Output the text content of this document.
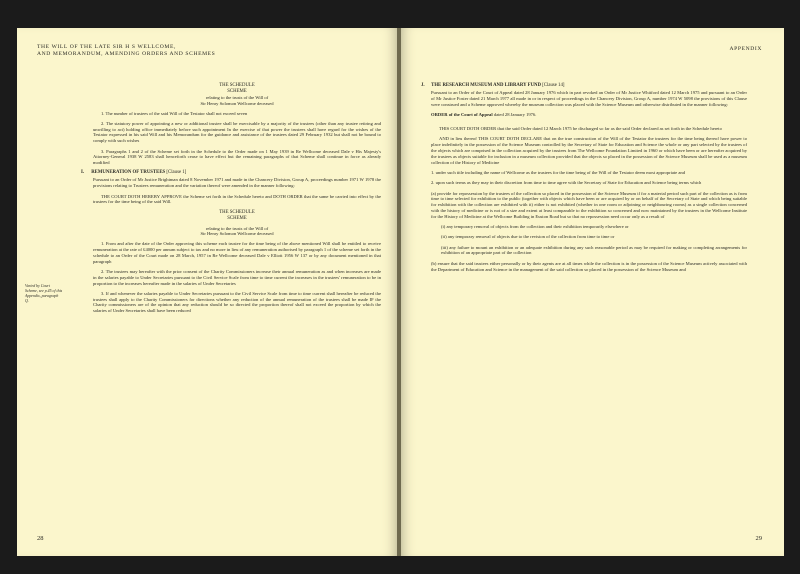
THE WILL OF THE LATE SIR H S WELLCOME,
AND MEMORANDUM, AMENDING ORDERS AND SCHEMES
Varied by Court Scheme, see p.45 of this Appendix, paragraph Q.
THE SCHEDULE
SCHEME
relating to the trusts of the Will of
Sir Henry Solomon Wellcome deceased

1. The number of trustees of the said Will of the Testator shall not exceed seven

2. The statutory power of appointing a new or additional trustee shall be exercisable by a majority of the trustees (other than any trustee retiring and unwilling to act) holding office immediately before such appointment In the exercise of that power the trustees shall have regard for the wishes of the Testator expressed in his said Will and his Memorandum for the guidance and assistance of the trustees dated 29 February 1932 but shall not be bound to comply with such wishes

3. Paragraphs 1 and 2 of the Scheme set forth in the Schedule to the Order made on 1 May 1939 in Re Wellcome deceased Dale v His Majesty's Attorney-General 1938 W 2583 shall henceforth cease to have effect but the remaining paragraphs of that Scheme shall continue in force as already modified

I. REMUNERATION OF TRUSTEES [Clause 1]

Pursuant to an Order of Mr Justice Brightman dated 8 November 1971 and made in the Chancery Division, Group A, proceedings number 1971 W 1978 the provisions relating to Trustees remuneration and the variation thereof were amended in the manner following:

THE COURT DOTH HEREBY APPROVE the Scheme set forth in the Schedule hereto and DOTH ORDER that the same be carried into effect by the trustees for the time being of the said Will.

THE SCHEDULE
SCHEME
relating to the trusts of the Will of
Sir Henry Solomon Wellcome deceased

1. From and after the date of the Order approving this scheme each trustee for the time being of the above mentioned Will shall be entitled to receive remuneration at the rate of £4000 per annum subject to tax and no more in lieu of any remuneration authorised by paragraph 1 of the scheme set forth in the schedule to an Order of the Court made on 28 March, 1957 in Re Wellcome deceased Dale v Elliott 1956 W 137 or by any document mentioned in that paragraph

2. The trustees may hereafter with the prior consent of the Charity Commissioners increase their annual remuneration as and when increases are made in the salaries payable to Under Secretaries pursuant to the Civil Service Scale from time to time current the increases in the trustees' remuneration to be in proportion to the increases hereafter made in the salaries of Under Secretaries

3. If and whenever the salaries payable to Under Secretaries pursuant to the Civil Service Scale from time to time current shall hereafter be reduced the trustees shall apply to the Charity Commissioners for directions whether any reduction of the annual remuneration of the trustees shall be made IF the Charity commissioners are of the opinion that any reduction should be so directed the proportion thereof shall not exceed the proportion by which the salaries of Under Secretaries shall have been reduced

28
APPENDIX
J. THE RESEARCH MUSEUM AND LIBRARY FUND [Clause 14]

Pursuant to an Order of the Court of Appeal dated 28 January 1976 which in part revoked an Order of Mr Justice Whitford dated 12 March 1975 and pursuant to an Order of Mr Justice Foster dated 21 March 1977 all made in or in respect of proceedings in the Chancery Division, Group A, number 1974 W 5098 the provisions of this Clause were construed and a Scheme approved whereby the museum collection was placed with the Science Museum and otherwise distributed in the manner following:

ORDER of the Court of Appeal dated 28 January 1976.

THIS COURT DOTH ORDER that the said Order dated 12 March 1975 be discharged so far as the said Order declared as set forth in the Schedule hereto

AND in lieu thereof THIS COURT DOTH DECLARE that on the true construction of the Will of the Testator the trustees for the time being thereof have power to place indefinitely in the possession of the Science Museum controlled by the Secretary of State for Education and Science the whole or any part selected by the trustees of the objects which are comprised in the collection acquired by the trustees from The Wellcome Foundation Limited in 1960 or which have been or are hereafter acquired by the trustees as objects suitable for inclusion in a museum collection provided that the objects so placed in the possession of the Science Museum shall be used as a museum collection of the History of Medicine

1. under such title including the name of Wellcome as the trustees for the time being of the Will of the Testator deem most appropriate and

2. upon such terms as they may in their discretion from time to time agree with the Secretary of State for Education and Science being terms which

(a) provide for repossession by the trustees of the collection so placed in the possession of the Science Museum if for a material period such part of the collection as is from time to time selected for exhibition to the public (together with objects which have been or are acquired by or on behalf of the Secretary of State and which being suitable for exhibition with the collection are exhibited with it) either is not exhibited (whether in one room or adjoining or neighbouring rooms) as a single collection concerned with the history of medicine or is not of a size and extent at least comparable to the exhibition so concerned and now maintained by the trustees in the Wellcome Institute for the History of Medicine at the Wellcome Building in Euston Road but so that no repossession need occur only as a result of

(i) any temporary removal of objects from the collection and their exhibition temporarily elsewhere or

(ii) any temporary removal of objects due to the revision of the collection from time to time or

(iii) any failure to mount an exhibition or an adequate exhibition during any such reasonable period as may be required for making or completing arrangements for exhibition of an appropriate part of the collection

(b) ensure that the said trustees either personally or by their agents are at all times while the collection is in the possession of the Science Museum actively associated with the Department of Education and Science in the management of the said collection so placed in the possession of the Science Museum and

29
